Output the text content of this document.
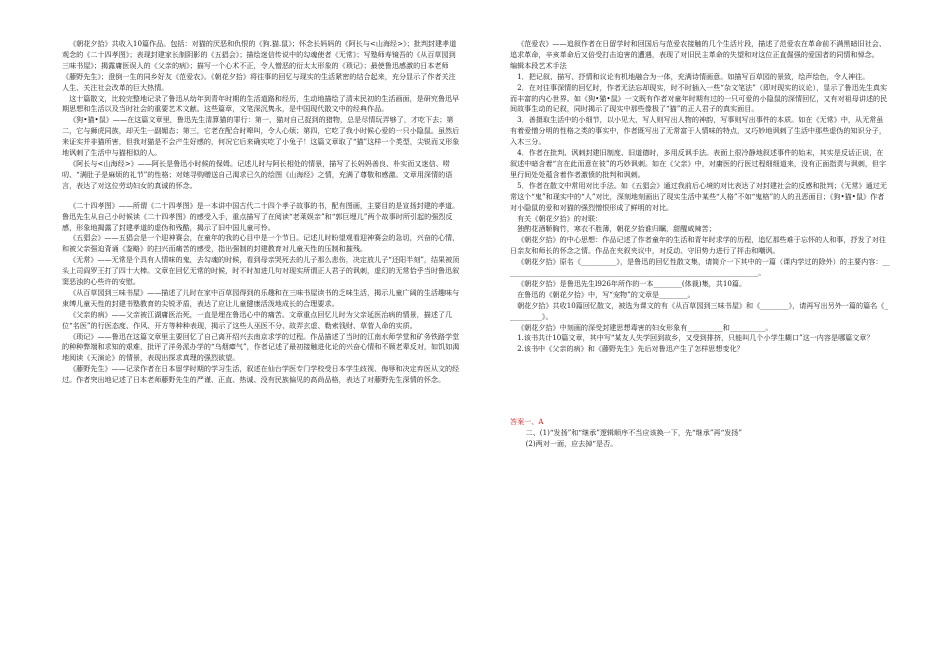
《朝花夕拾》共收入10篇作品。包括：对猫的厌恶和仇恨的《狗.猫.鼠》；怀念长妈妈的《阿长与<山海经>》；批判封建孝道观念的《二十四孝图》；表现封建家长制阴影的《五猖会》；描绘迷信传说中的勾魂使者《无常》；写塾师寿镜吾的《从百草园到三味书屋》；揭露庸医误人的《父亲的病》；描写一个心术不正，令人憎恶的衍太太形象的《琐记》；最使鲁迅感激的日本老师《藤野先生》；澄倒一生的同乡好友《范爱农》。《朝花夕拾》将往事的回忆与现实的生活紧密的结合起来，充分显示了作者关注人生、关注社会改革的巨大热情。

这十篇散文，比较完整地记录了鲁迅从幼年到青年时期的生活道路和经历，生动地描绘了清末民初的生活画面，是研究鲁迅早期思想和生活以及当时社会的重要艺术文献。这些篇章，文笔深沉隽永，是中国现代散文中的经典作品。

《狗•猫•鼠》——在这篇文章里，鲁迅先生清算猫的罪行：第一，猫对自己捉到的猎物，总是尽情玩弄够了，才吃下去；第二，它与狮虎同族，却天生一副媚态；第三，它老在配合时嗥叫，令人心烦；第四，它吃了我小时候心爱的一只小隐鼠。虽然后来证实并非猫所害，但我对猫是不会产生好感的，何况它后来确实吃了小兔子！这篇文章取了“猫”这样一个类型，尖锐而又形象地讽刺了生活中与猫相似的人。

《阿长与<山海经>》——阿长是鲁迅小时候的保姆。记述儿时与阿长相处的情景，描写了长妈妈善良、朴实而又迷信、唠叨、“满肚子是麻烦的礼节”的性格；对她寻购赠送自己渴求已久的绘图《山海经》之情，充满了尊敬和感激。文章用深情的语言，表达了对这位劳动妇女的真诚的怀念。

《二十四孝图》——所谓《二十四孝图》是一本讲中国古代二十四个孝子故事的书，配有图画，主要目的是宣扬封建的孝道。鲁迅先生从自己小时候读《二十四孝图》的感受入手，重点描写了在阅读“老莱娱亲”和“郭巨埋儿”两个故事时所引起的强烈反感，形象地揭露了封建孝道的虚伪和残酷，揭示了旧中国儿童可怜。

《五猖会》——五猖会是一个迎神赛会，在童年的我的心目中是一个节日。记述儿时盼望观看迎神赛会的急切，兴奋的心情，和被父亲强迫背诵《鉴略》的扫兴而痛苦的感受，指出强制的封建教育对儿童天性的压制和摧残。

《无常》——无常是个具有人情味的鬼，去勾魂的时候，看到母亲哭死去的儿子那么悲伤，决定放儿子“还阳半刻”，结果被顶头上司阎罗王打了四十大棒。文章在回忆无常的时候，时不时加进几句对现实所谓正人君子的讽刺，虚幻的无常恰乎当时鲁迅叙窦恶浊的心些许的安慰。

《从百草园到三味书屋》——描述了儿时在家中百草园得到的乐趣和在三味书屋读书的乏味生活，揭示儿童广阔的生活趣味与束缚儿童天性的封建书塾教育的尖锐矛盾，表达了应让儿童健康活泼地成长的合理要求。

《父亲的病》——父亲被江湖庸医治死，一直是埋在鲁迅心中的痛苦。文章重点回忆儿时为父亲延医治病的情景，描述了几位“名医”的行医态度、作风、开方等种种表现，揭示了这些人巫医不分、故弄玄虚、勒索钱财、草菅人命的实质。

《琐记》——鲁迅在这篇文章里主要回忆了自己离开绍兴去南京求学的过程。作品描述了当时的江南水师学堂和矿务铁路学堂的种种弊端和求知的艰难，批评了洋务派办学的“乌烟瘴气”，作者记述了最初接触进化论的兴奋心情和不顾老辈反对，如饥如渴地阅读《天演论》的情景，表现出探求真理的强烈欲望。

《藤野先生》——记录作者在日本留学时期的学习生活，叙述在仙台学医专门学校受日本学生歧视、侮辱和决定弃医从文的经过。作者突出地记述了日本老师藤野先生的严谨、正直、热诚、没有民族偏见的高尚品格，表达了对藤野先生深情的怀念。

《范爱农》——追叙作者在日留学时和回国后与范爱农接触的几个生活片段，描述了范爱农在革命前不满黑暗旧社会、追求革命，辛亥革命后又倍受打击迫害的遭遇，表现了对旧民主革命的失望和对这位正直倔强的爱国者的同情和悼念。

编辑本段艺术手法

1．把记叙、描写、抒情和议论有机地融合为一体，充满诗情画意。如描写百草园的景致，绘声绘色，令人神往。

2．在对往事深情的回忆时，作者无法忘却现实，时不时插入一些“杂文笔法”（即对现实的议论），显示了鲁迅先生真实而丰富的内心世界。如《狗•猫•鼠》一文既有作者对童年时期有过的一只可爱的小隐鼠的深情回忆，又有对祖母讲述的民间故事生动的记叙，同时揭示了现实中那些像极了“猫”的正人君子的真实面目。

3．善摄取生活中的小细节，以小见大，写人则写出人物的神韵，写事则写出事件的本质。如在《无常》中，从无常虽有着爱憎分明的性格之类的事实中，作者既写出了无常富于人情味的特点，又巧妙地讽刺了生活中那些虚伪的知识分子，入木三分。

4．作者在批判、讽刺封建旧制度、旧道德时，多用反讽手法。表面上很冷静地叙述事件的始末，其实是反话正说，在叙述中暗含着“言在此而意在彼”的巧妙讽刺。如在《父亲》中，对庸医的行医过程细细道来，没有正面指责与讽刺，但字里行间处处蕴含着作者激愤的批判和讽刺。

5．作者在散文中常用对比手法。如《五猖会》通过我前后心境的对比表达了对封建社会的反感和批判；《无常》通过无常这个“鬼”和现实中的“人”对比，深刻地刻画出了现实生活中某些“人格”不如“鬼格”的人的丑恶面目；《狗•猫•鼠》作者对小隐鼠的爱和对猫的强烈憎恨形成了鲜明的对比。

有关《朝花夕拾》的对联：

独酌花酒鞒胸竹，寒衣不胜薄，朝花夕拾谁归瞩，甜醒咸辣苦；

《朝花夕拾》的中心思想：作品记述了作者童年的生活和青年时求学的历程，追忆那些难于忘怀的人和事，抒发了对往日亲友和师长的怀念之情。作品在夹叙夹议中，对反动、守旧势力进行了抨击和嘲讽。

《朝花夕拾》原名《__________》，是鲁迅的回忆性散文集，请简介一下其中的一篇（课内学过的除外）的主要内容：________________________________________________________________________。

《朝花夕拾》是鲁迅先生l926年所作的一本________(体裁)集，共10篇。

在鲁迅的《朝花夕拾》中，写“宠物”的文章是________。

朝花夕拾》共收10篇回忆散文，被选为课文的有《从百草园到三味书屋》和《________》，请再写出另外一篇的篇名《__________》。

《朝花夕拾》中刻画的深受封建思想毒害的妇女形象有__________和__________。

1.该书共计10篇文章，其中写“某友人失学回到故乡，又受到排挤，只能叫几个小学生糊口”这一内容是哪篇文章？

2.该书中《父亲的病》和《藤野先生》先后对鲁迅产生了怎样思想变化？

答案一、A

二、(1)“发扬”和“继承”逻辑顺序不当应该换一下，先“继承”再“发扬”

(2)两对一面，应去掉“是否。
